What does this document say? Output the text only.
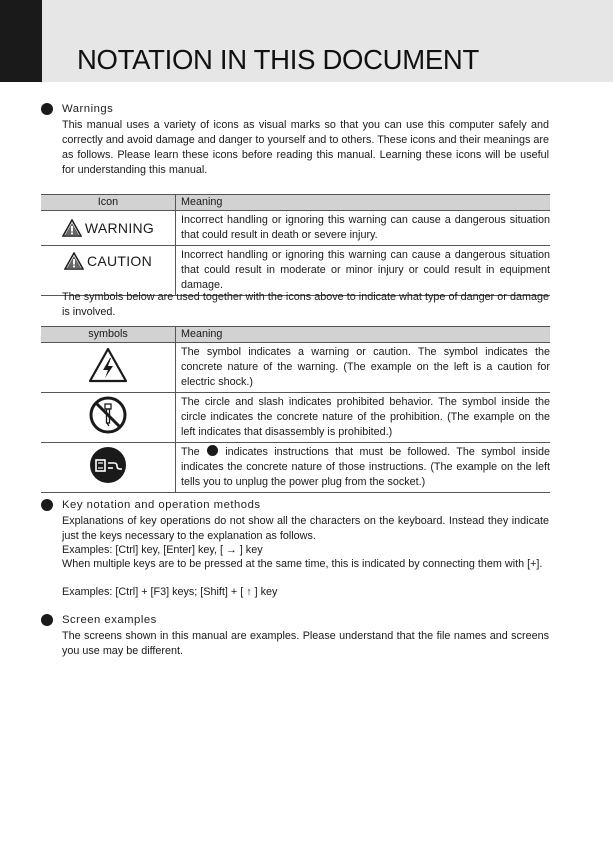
NOTATION IN THIS DOCUMENT
Warnings

This manual uses a variety of icons as visual marks so that you can use this computer safely and correctly and avoid damage and danger to yourself and to others. These icons and their meanings are as follows. Please learn these icons before reading this manual. Learning these icons will be useful for understanding this manual.

Icon	Meaning

WARNING	Incorrect handling or ignoring this warning can cause a dangerous situation that could result in death or severe injury.

CAUTION	Incorrect handling or ignoring this warning can cause a dangerous situation that could result in moderate or minor injury or could result in equipment damage.

The symbols below are used together with the icons above to indicate what type of danger or damage is involved.

symbols	Meaning
	The symbol indicates a warning or caution. The symbol indicates the concrete nature of the warning. (The example on the left is a caution for electric shock.)
	The circle and slash indicates prohibited behavior. The symbol inside the circle indicates the concrete nature of the prohibition. (The example on the left indicates that disassembly is prohibited.)
	The  indicates instructions that must be followed. The symbol inside indicates the concrete nature of those instructions. (The example on the left tells you to unplug the power plug from the socket.)
Key notation and operation methods

Explanations of key operations do not show all the characters on the keyboard. Instead they indicate just the keys necessary to the explanation as follows.

Examples: [Ctrl] key, [Enter] key, [ → ] key

When multiple keys are to be pressed at the same time, this is indicated by connecting them with [+].

Examples: [Ctrl] + [F3] keys; [Shift] + [ ↑ ] key

Screen examples

The screens shown in this manual are examples. Please understand that the file names and screens you use may be different.
